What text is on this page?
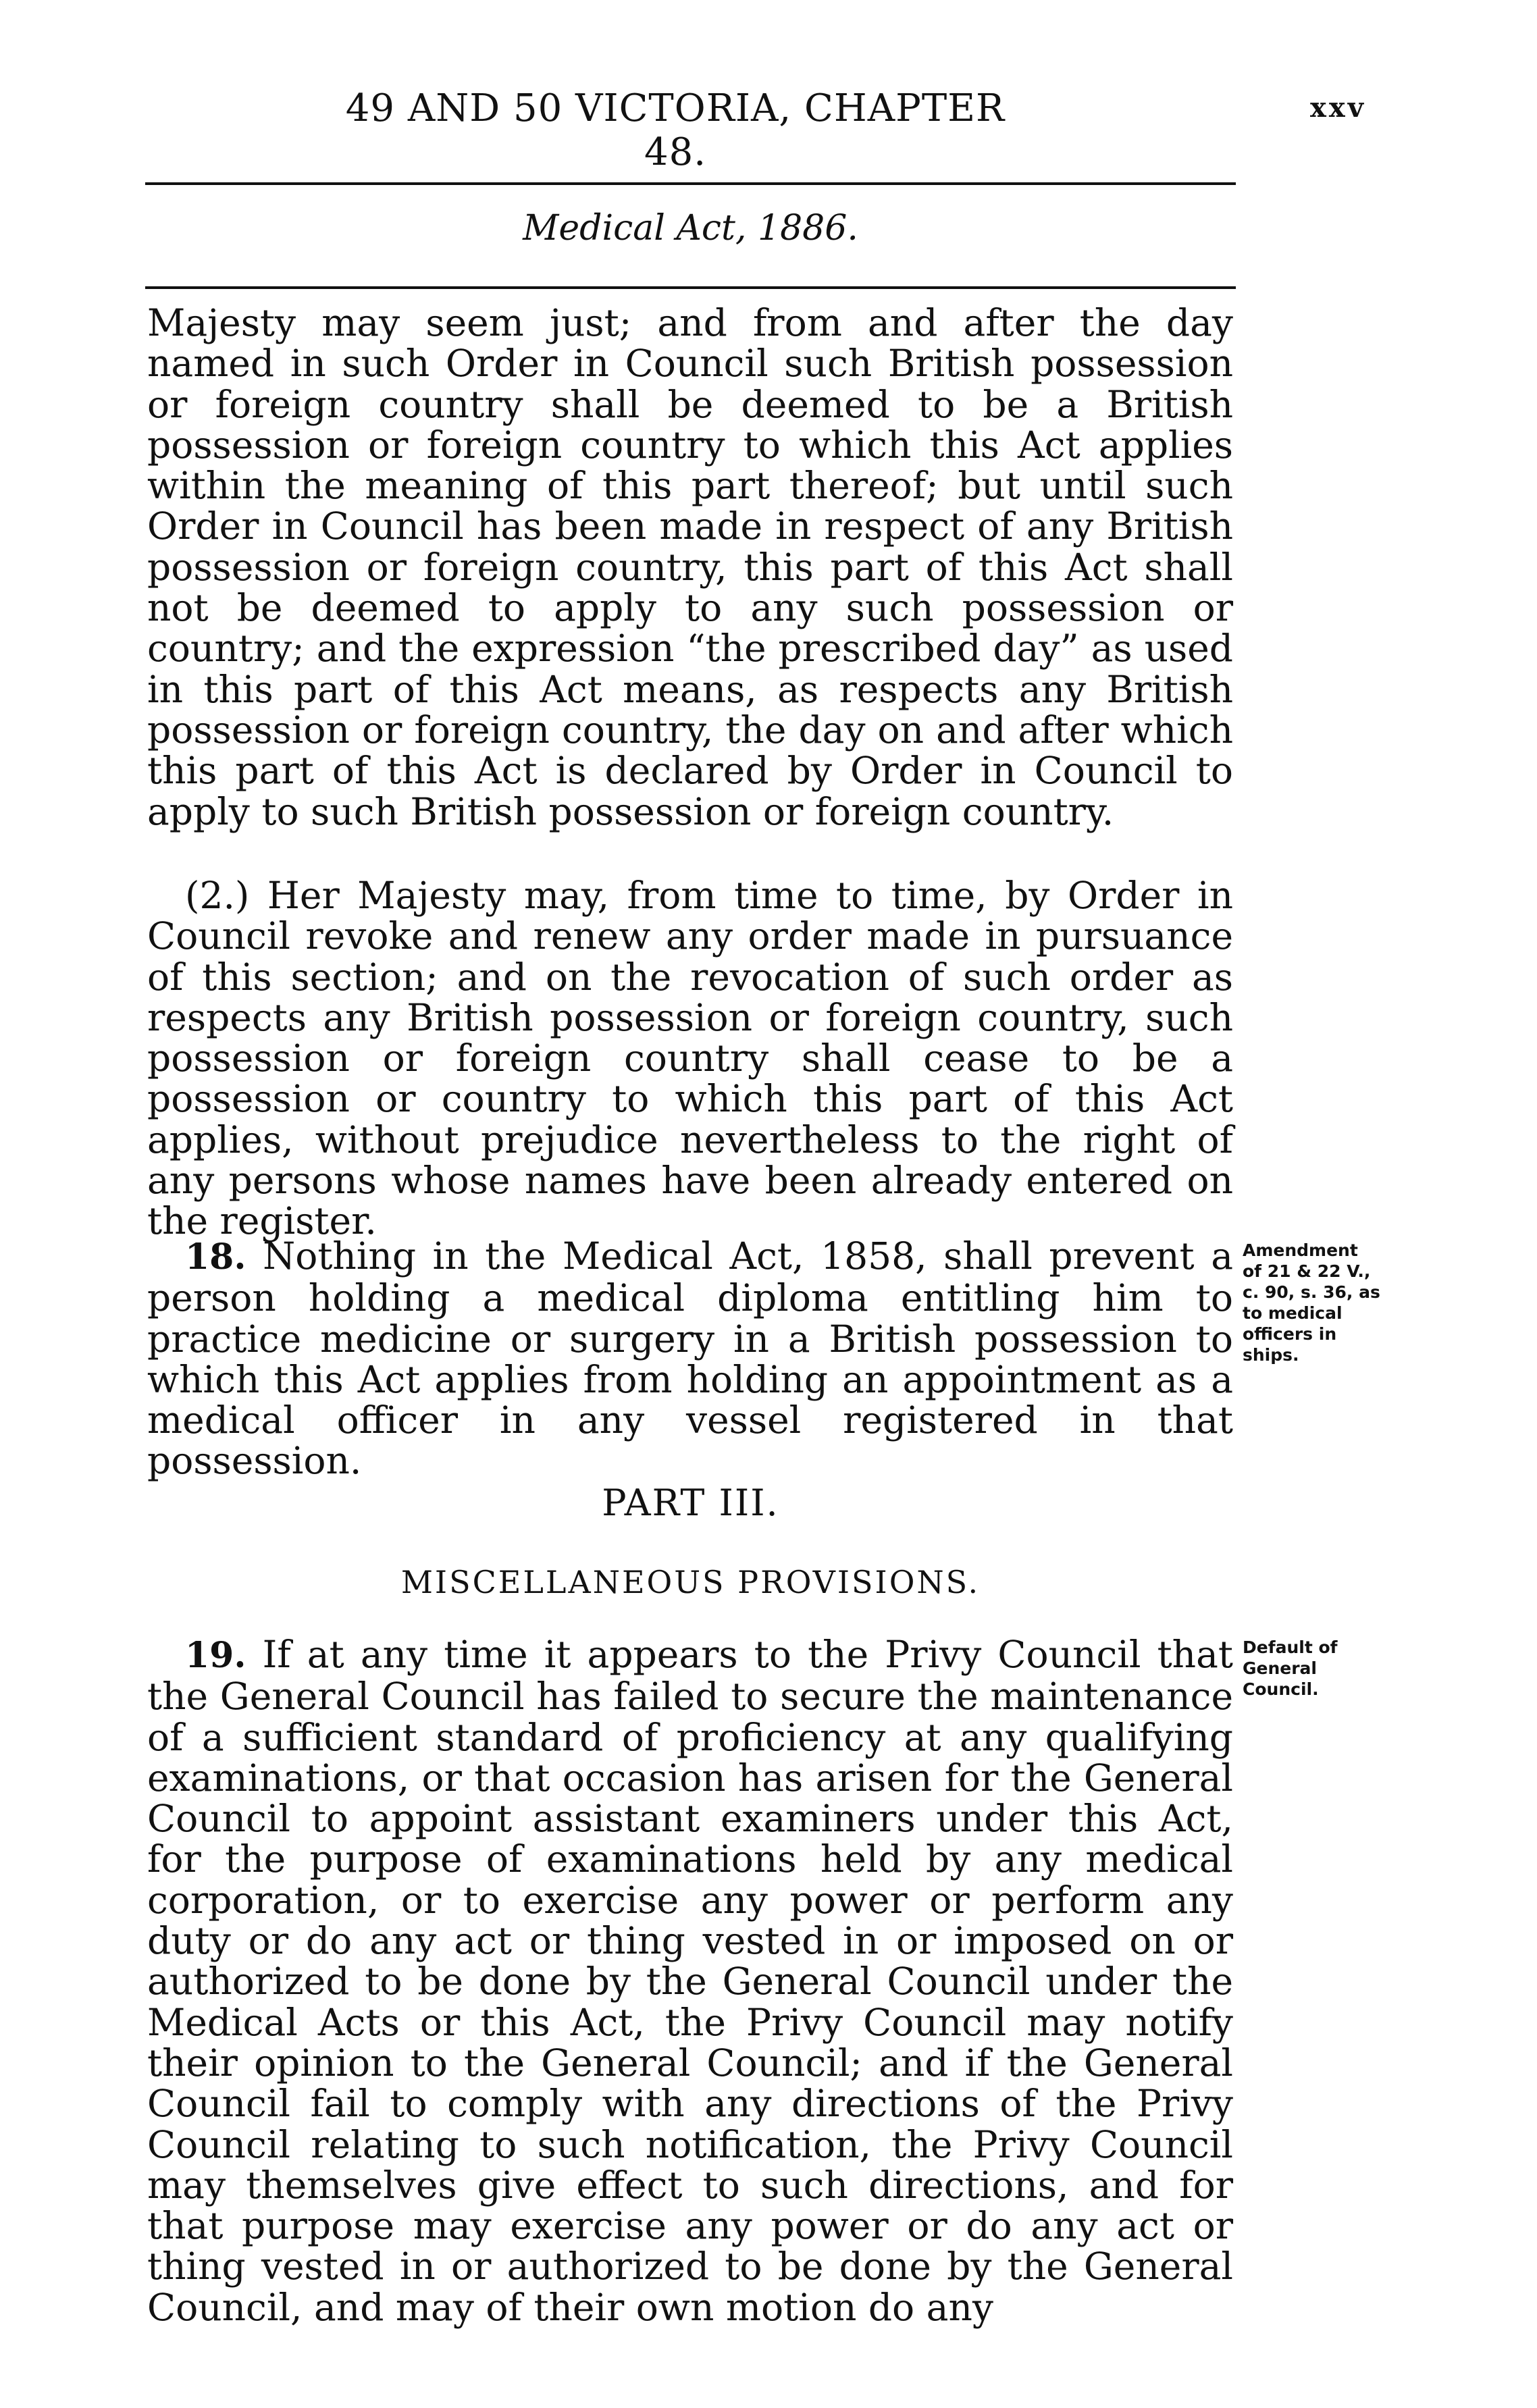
49 AND 50 VICTORIA, CHAPTER 48.
xxv
Medical Act, 1886.

Majesty may seem just; and from and after the day named in such Order in Council such British possession or foreign country shall be deemed to be a British possession or foreign country to which this Act applies within the meaning of this part thereof; but until such Order in Council has been made in respect of any British possession or foreign country, this part of this Act shall not be deemed to apply to any such possession or country; and the expression “the prescribed day” as used in this part of this Act means, as respects any British possession or foreign country, the day on and after which this part of this Act is declared by Order in Council to apply to such British possession or foreign country.

(2.) Her Majesty may, from time to time, by Order in Council revoke and renew any order made in pursuance of this section; and on the revocation of such order as respects any British possession or foreign country, such possession or foreign country shall cease to be a possession or country to which this part of this Act applies, without prejudice nevertheless to the right of any persons whose names have been already entered on the register.

18. Nothing in the Medical Act, 1858, shall prevent a person holding a medical diploma entitling him to practice medicine or surgery in a British possession to which this Act applies from holding an appointment as a medical officer in any vessel registered in that possession.

Amendment
of 21 & 22 V.,
c. 90, s. 36, as
to medical
officers in
ships.
PART III.
MISCELLANEOUS PROVISIONS.

19. If at any time it appears to the Privy Council that the General Council has failed to secure the maintenance of a sufficient standard of proficiency at any qualifying examinations, or that occasion has arisen for the General Council to appoint assistant examiners under this Act, for the purpose of examinations held by any medical corporation, or to exercise any power or perform any duty or do any act or thing vested in or imposed on or authorized to be done by the General Council under the Medical Acts or this Act, the Privy Council may notify their opinion to the General Council; and if the General Council fail to comply with any directions of the Privy Council relating to such notification, the Privy Council may themselves give effect to such directions, and for that purpose may exercise any power or do any act or thing vested in or authorized to be done by the General Council, and may of their own motion do any

Default of
General
Council.
